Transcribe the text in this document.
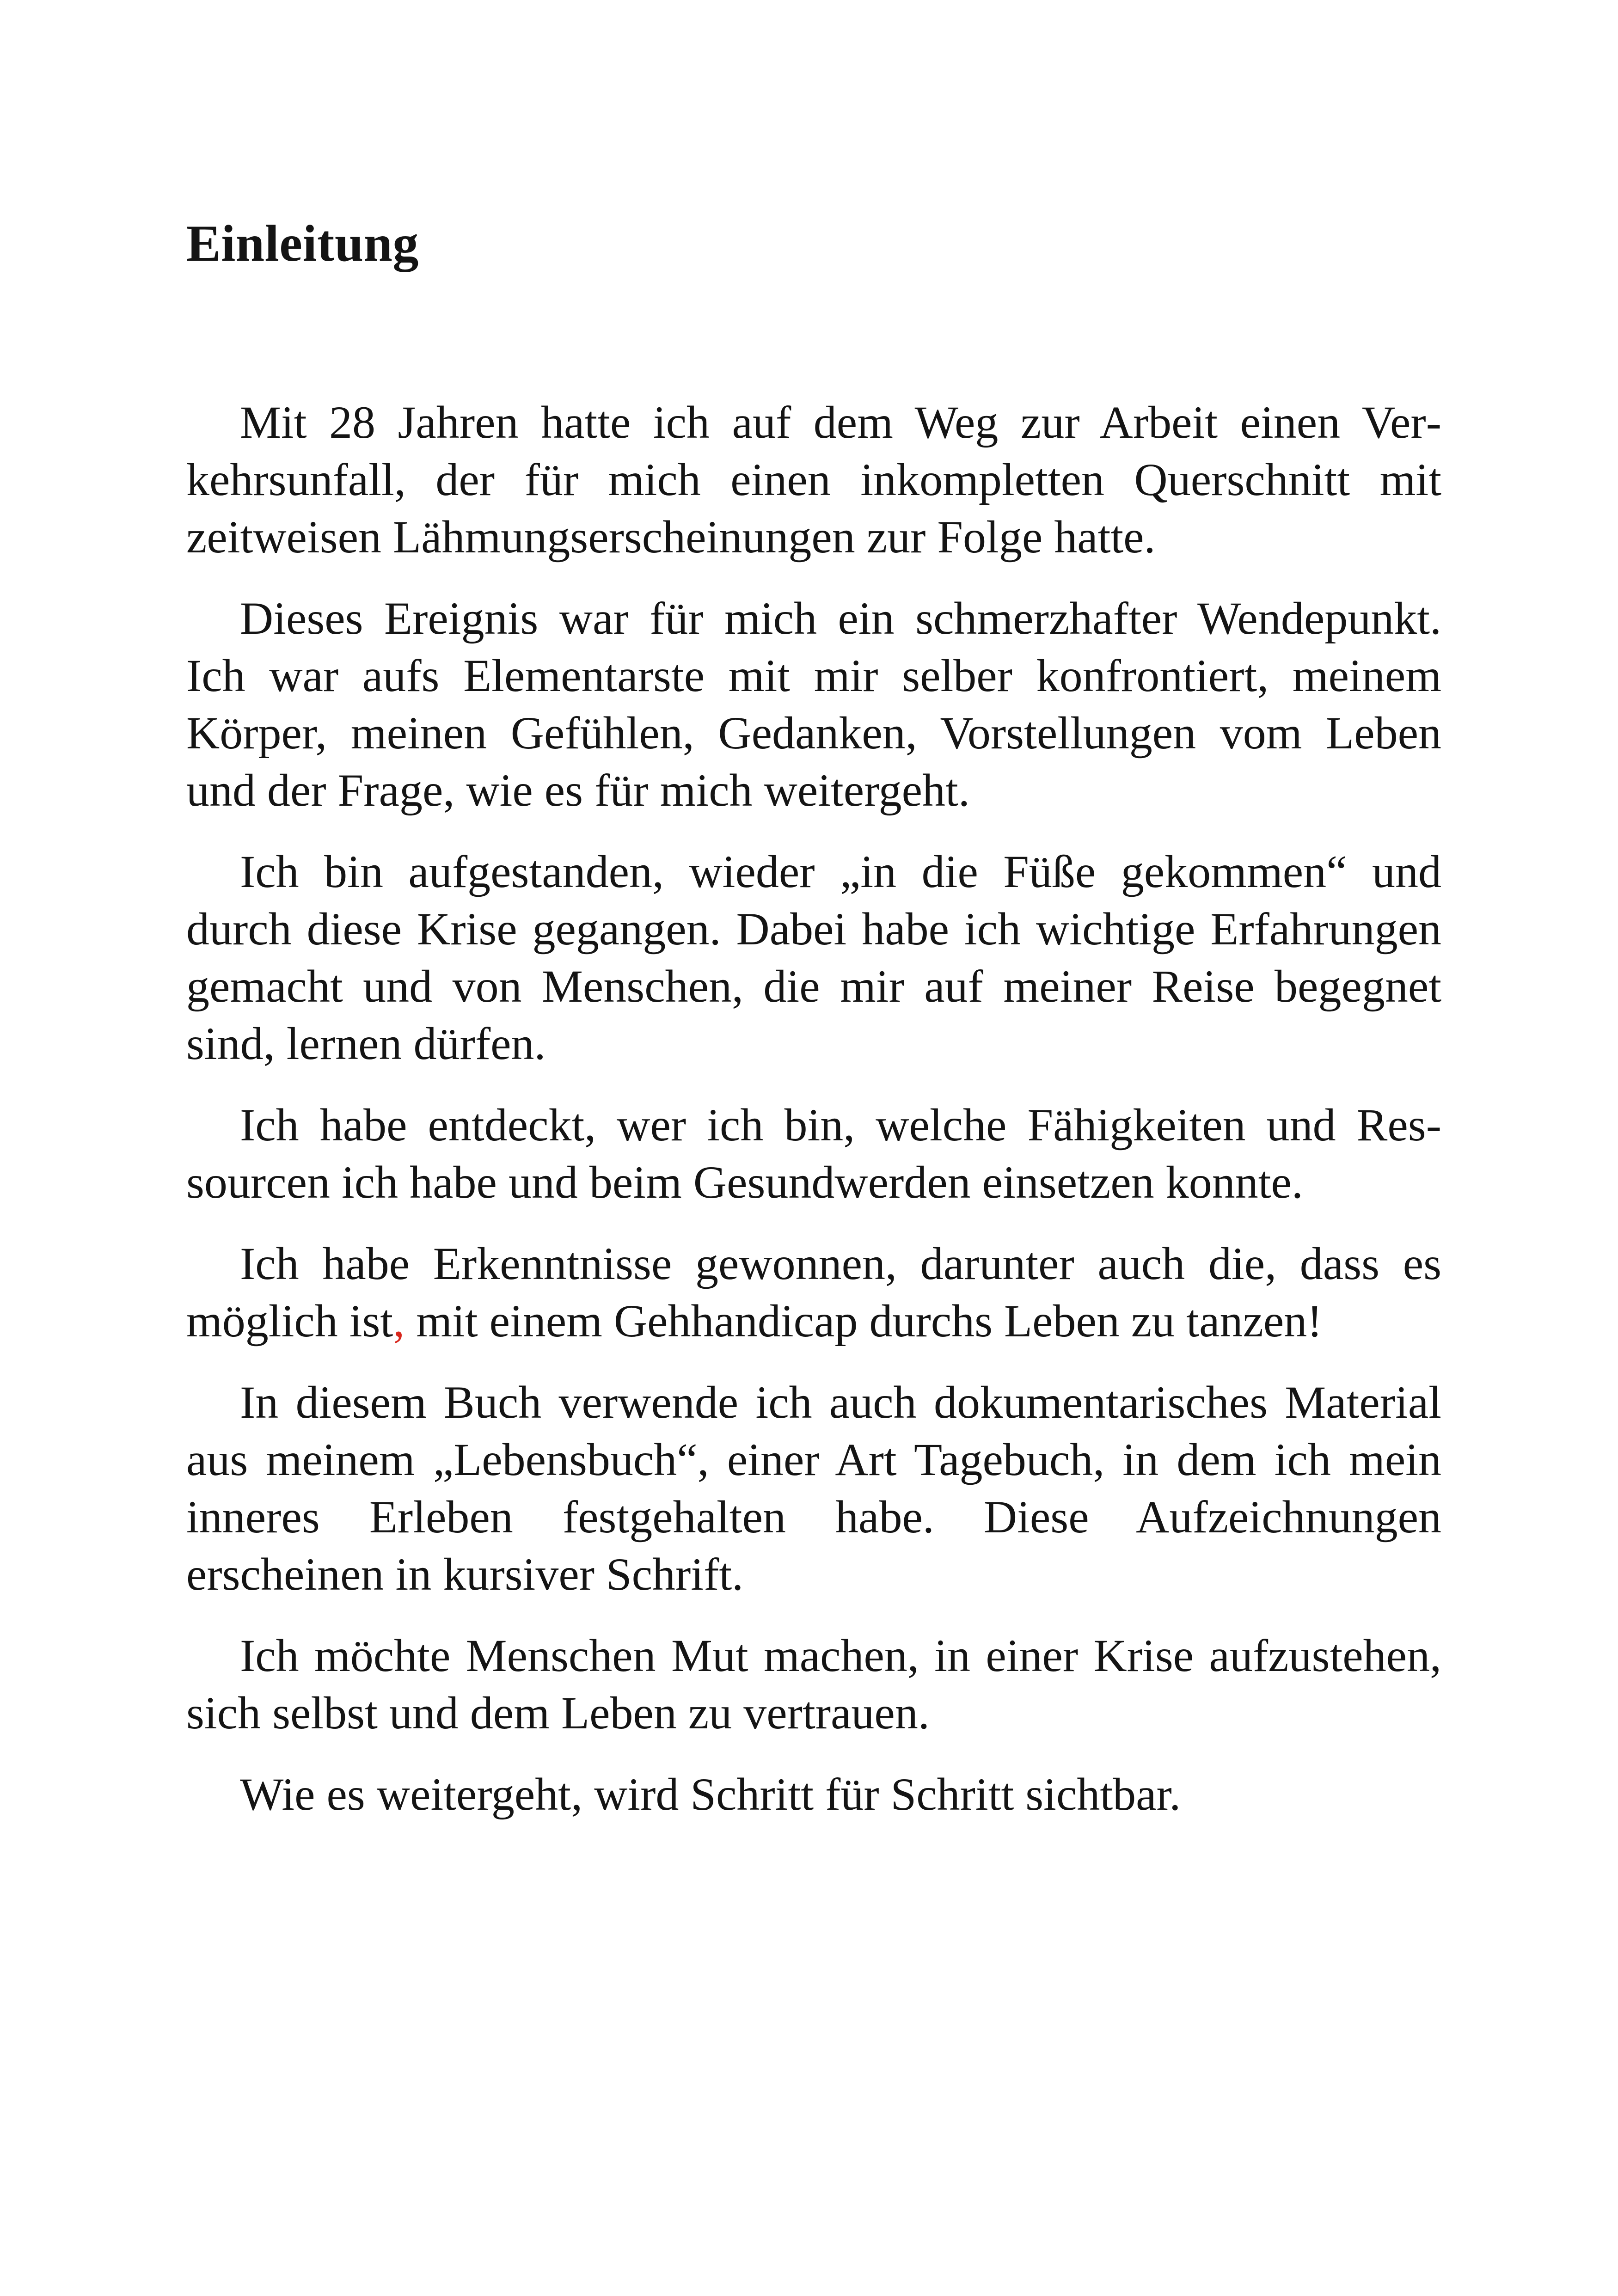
Einleitung

Mit 28 Jahren hatte ich auf dem Weg zur Arbeit einen Verkehrsunfall, der für mich einen inkompletten Querschnitt mit zeitweisen Lähmungserscheinungen zur Folge hatte.

Dieses Ereignis war für mich ein schmerzhafter Wendepunkt. Ich war aufs Elementarste mit mir selber konfrontiert, meinem Körper, meinen Gefühlen, Gedanken, Vorstellungen vom Leben und der Frage, wie es für mich weitergeht.

Ich bin aufgestanden, wieder „in die Füße gekommen“ und durch diese Krise gegangen. Dabei habe ich wichtige Erfahrungen gemacht und von Menschen, die mir auf meiner Reise begegnet sind, lernen dürfen.

Ich habe entdeckt, wer ich bin, welche Fähigkeiten und Ressourcen ich habe und beim Gesundwerden einsetzen konnte.

Ich habe Erkenntnisse gewonnen, darunter auch die, dass es möglich ist, mit einem Gehhandicap durchs Leben zu tanzen!

In diesem Buch verwende ich auch dokumentarisches Material aus meinem „Lebensbuch“, einer Art Tagebuch, in dem ich mein inneres Erleben festgehalten habe. Diese Aufzeichnungen erscheinen in kursiver Schrift.

Ich möchte Menschen Mut machen, in einer Krise aufzustehen, sich selbst und dem Leben zu vertrauen.

Wie es weitergeht, wird Schritt für Schritt sichtbar.
